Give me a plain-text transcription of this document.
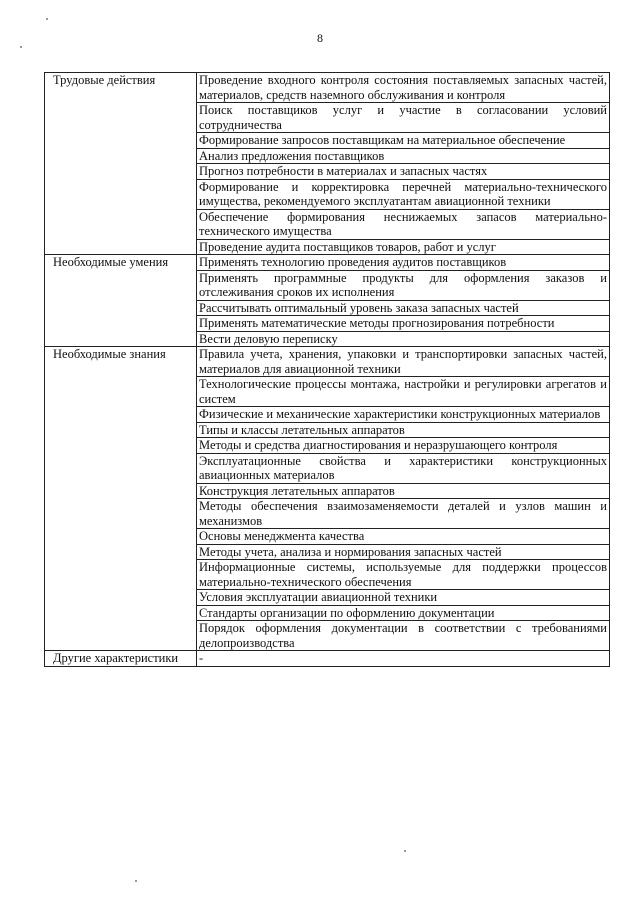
8
Трудовые действия	Проведение входного контроля состояния поставляемых запасных частей, материалов, средств наземного обслуживания и контроля
	Поиск поставщиков услуг и участие в согласовании условий сотрудничества
	Формирование запросов поставщикам на материальное обеспечение
	Анализ предложения поставщиков
	Прогноз потребности в материалах и запасных частях
	Формирование и корректировка перечней материально-технического имущества, рекомендуемого эксплуатантам авиационной техники
	Обеспечение формирования неснижаемых запасов материально-технического имущества
	Проведение аудита поставщиков товаров, работ и услуг
Необходимые умения	Применять технологию проведения аудитов поставщиков
	Применять программные продукты для оформления заказов и отслеживания сроков их исполнения
	Рассчитывать оптимальный уровень заказа запасных частей
	Применять математические методы прогнозирования потребности
	Вести деловую переписку
Необходимые знания	Правила учета, хранения, упаковки и транспортировки запасных частей, материалов для авиационной техники
	Технологические процессы монтажа, настройки и регулировки агрегатов и систем
	Физические и механические характеристики конструкционных материалов
	Типы и классы летательных аппаратов
	Методы и средства диагностирования и неразрушающего контроля
	Эксплуатационные свойства и характеристики конструкционных авиационных материалов
	Конструкция летательных аппаратов
	Методы обеспечения взаимозаменяемости деталей и узлов машин и механизмов
	Основы менеджмента качества
	Методы учета, анализа и нормирования запасных частей
	Информационные системы, используемые для поддержки процессов материально-технического обеспечения
	Условия эксплуатации авиационной техники
	Стандарты организации по оформлению документации
	Порядок оформления документации в соответствии с требованиями делопроизводства
Другие характеристики	-
